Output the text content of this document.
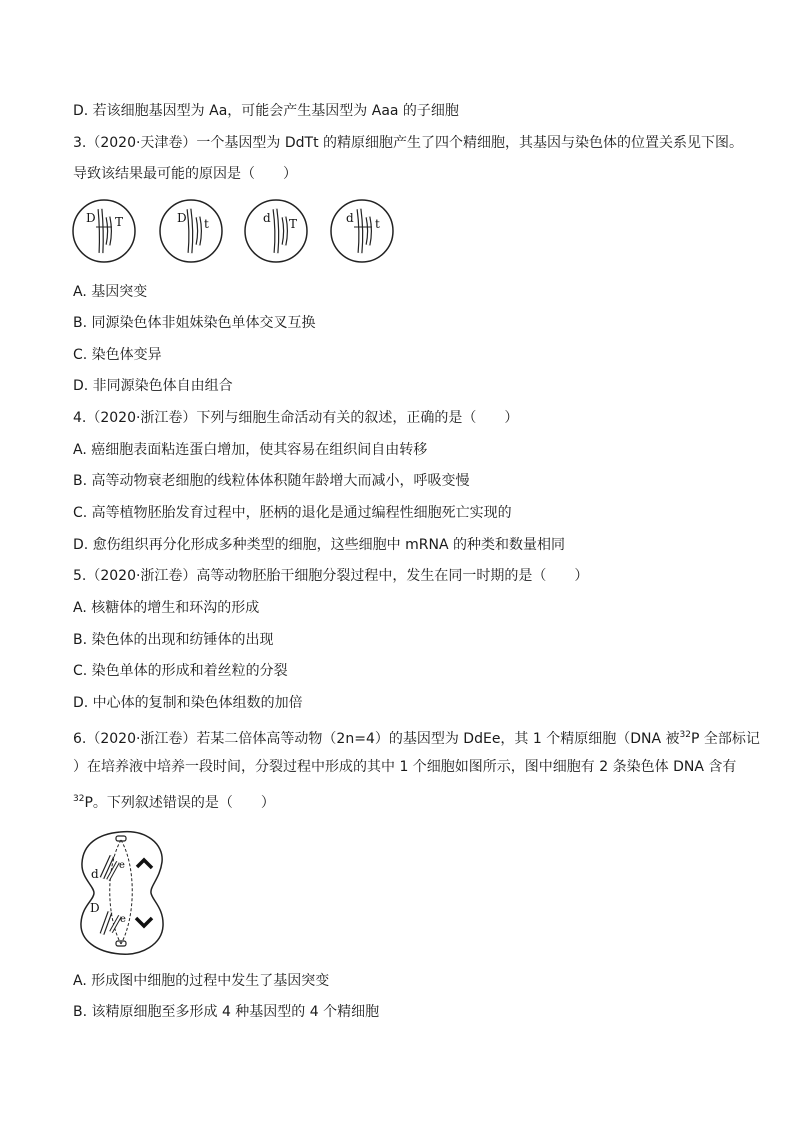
D. 若该细胞基因型为 Aa，可能会产生基因型为 Aaa 的子细胞
3.（2020·天津卷）一个基因型为 DdTt 的精原细胞产生了四个精细胞，其基因与染色体的位置关系见下图。
导致该结果最可能的原因是（　　）
D T	D t	d T	d t
A. 基因突变
B. 同源染色体非姐妹染色单体交叉互换
C. 染色体变异
D. 非同源染色体自由组合
4.（2020·浙江卷）下列与细胞生命活动有关的叙述，正确的是（　　）
A. 癌细胞表面粘连蛋白增加，使其容易在组织间自由转移
B. 高等动物衰老细胞的线粒体体积随年龄增大而减小，呼吸变慢
C. 高等植物胚胎发育过程中，胚柄的退化是通过编程性细胞死亡实现的
D. 愈伤组织再分化形成多种类型的细胞，这些细胞中 mRNA 的种类和数量相同
5.（2020·浙江卷）高等动物胚胎干细胞分裂过程中，发生在同一时期的是（　　）
A. 核糖体的增生和环沟的形成
B. 染色体的出现和纺锤体的出现
C. 染色单体的形成和着丝粒的分裂
D. 中心体的复制和染色体组数的加倍
6.（2020·浙江卷）若某二倍体高等动物（2n=4）的基因型为 DdEe，其 1 个精原细胞（DNA 被$^{32}$P 全部标记
）在培养液中培养一段时间，分裂过程中形成的其中 1 个细胞如图所示，图中细胞有 2 条染色体 DNA 含有
$^{32}$P。下列叙述错误的是（　　）
d
e
D
e
A. 形成图中细胞的过程中发生了基因突变
B. 该精原细胞至多形成 4 种基因型的 4 个精细胞
